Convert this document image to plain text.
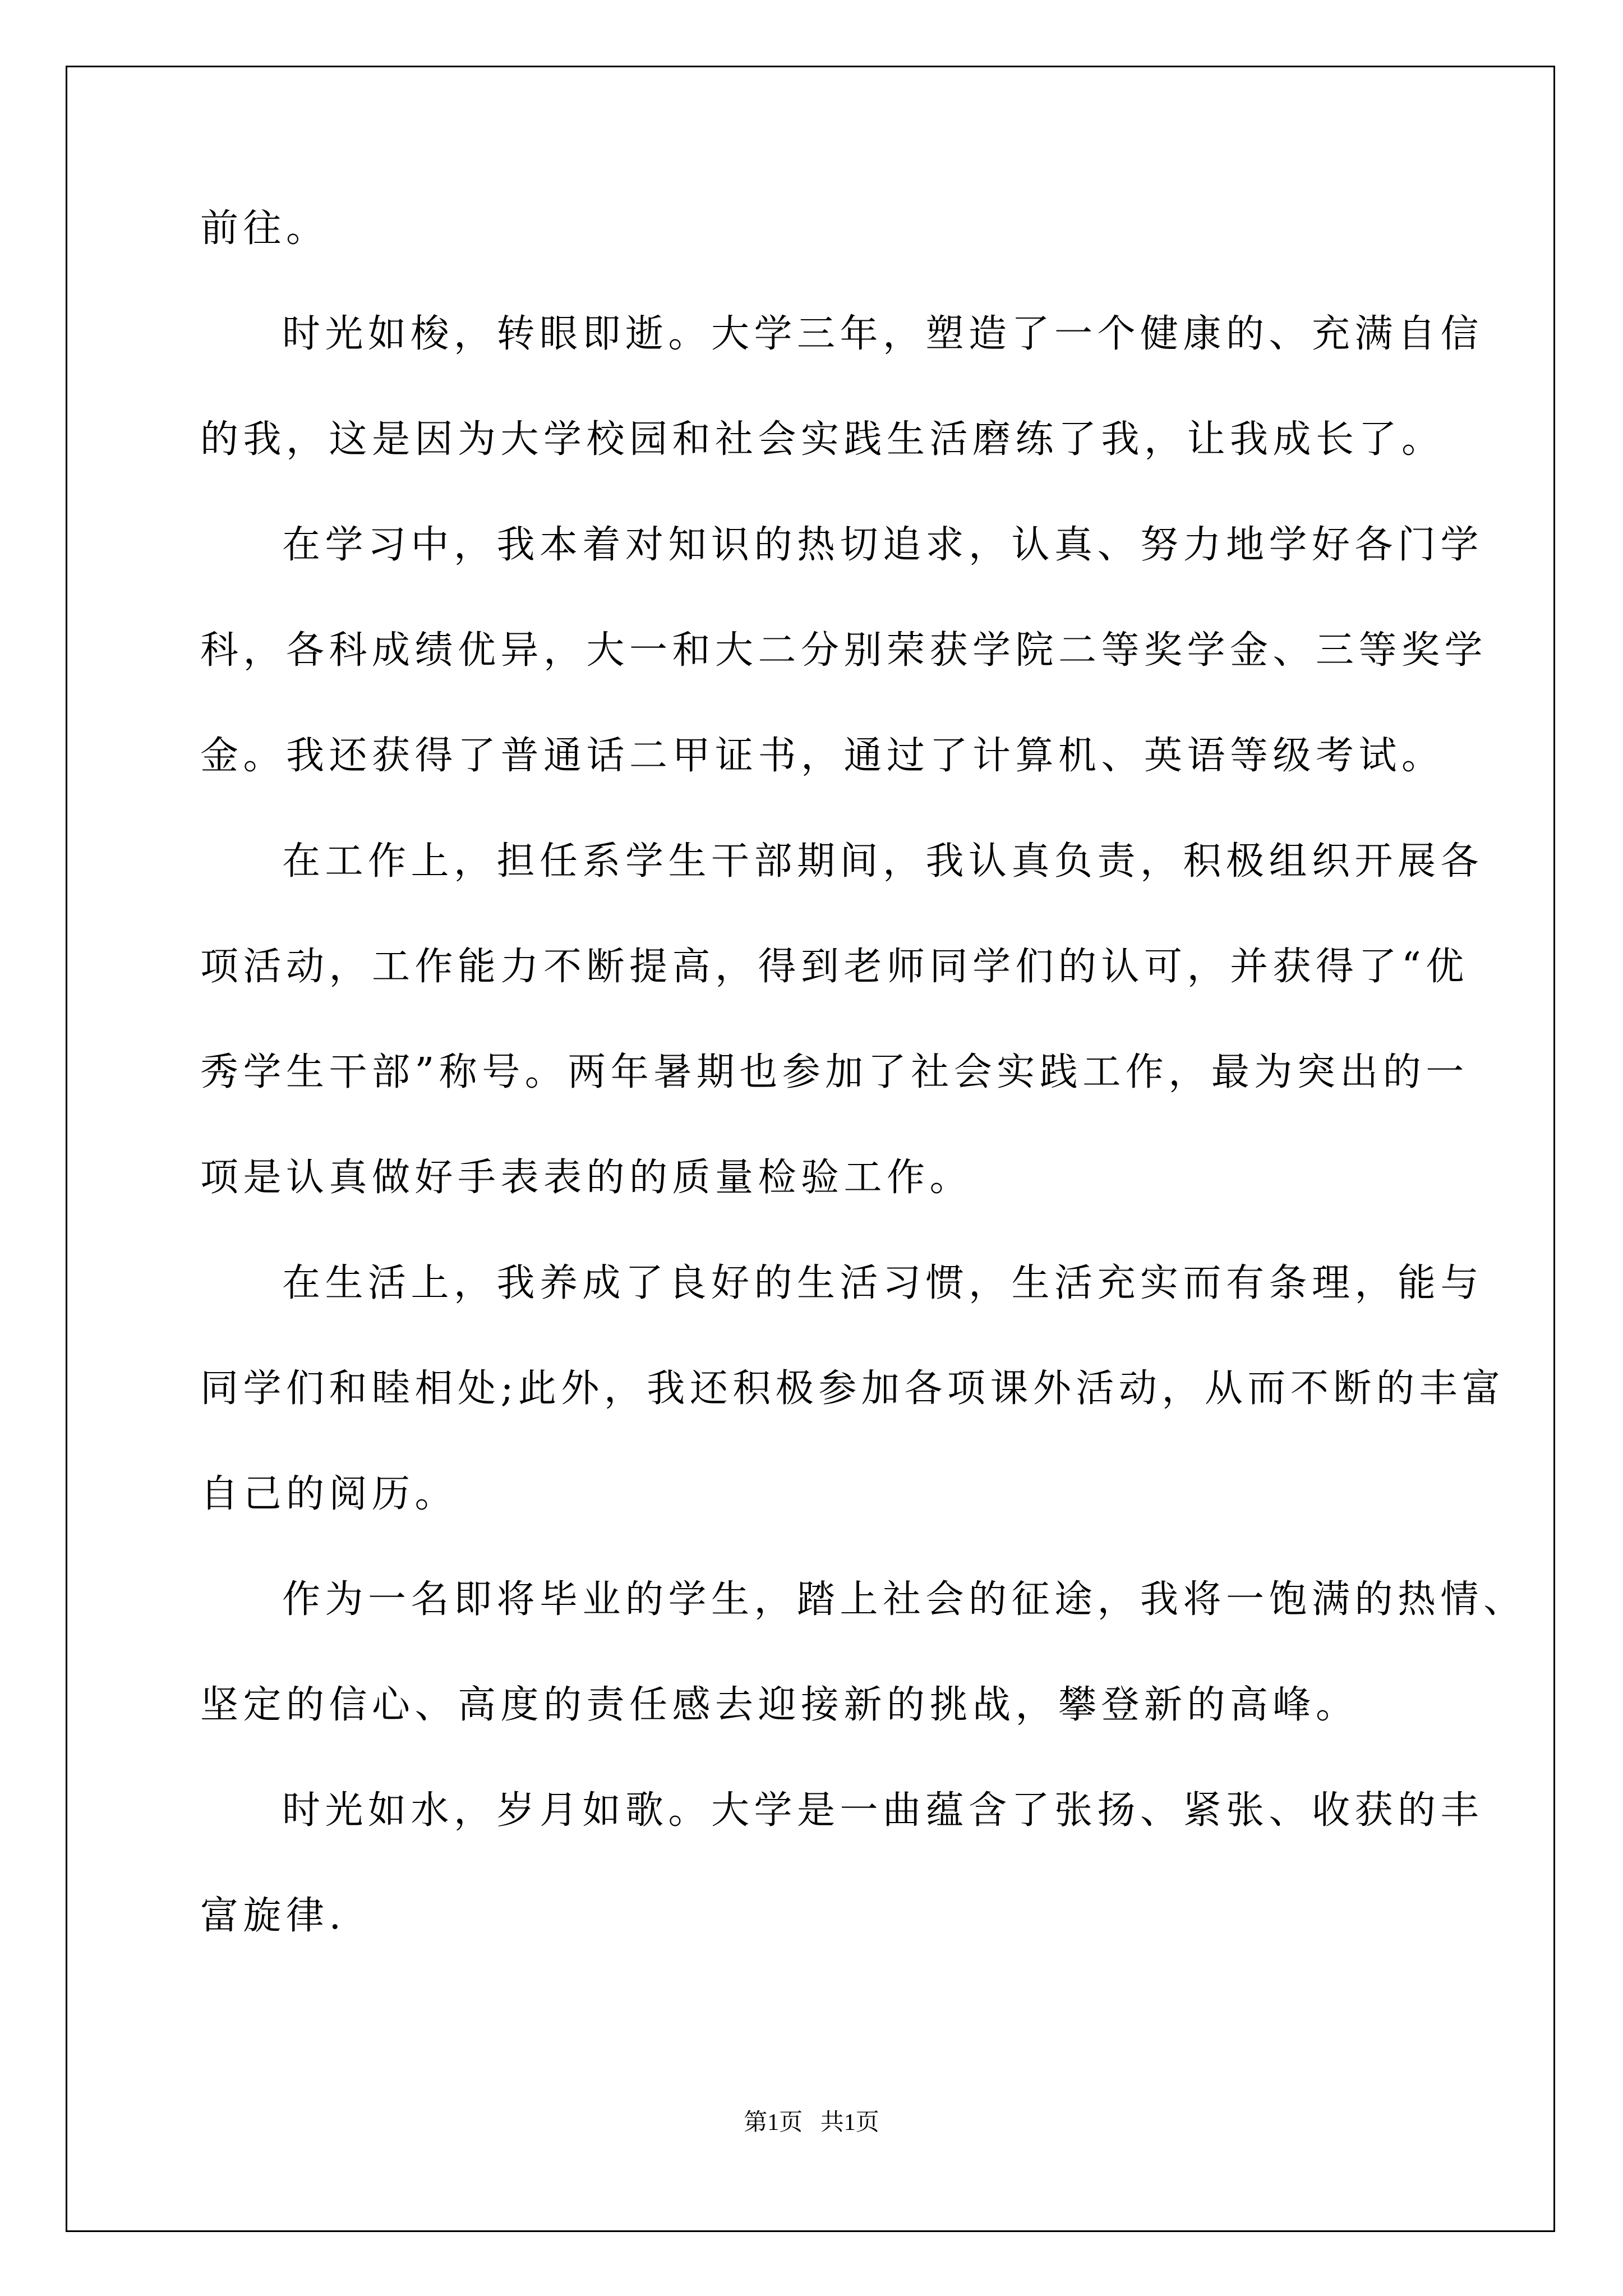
前往。
时光如梭，转眼即逝。大学三年，塑造了一个健康的、充满自信
的我，这是因为大学校园和社会实践生活磨练了我，让我成长了。
在学习中，我本着对知识的热切追求，认真、努力地学好各门学
科，各科成绩优异，大一和大二分别荣获学院二等奖学金、三等奖学
金。我还获得了普通话二甲证书，通过了计算机、英语等级考试。
在工作上，担任系学生干部期间，我认真负责，积极组织开展各
项活动，工作能力不断提高，得到老师同学们的认可，并获得了“优
秀学生干部”称号。两年暑期也参加了社会实践工作，最为突出的一
项是认真做好手表表的的质量检验工作。
在生活上，我养成了良好的生活习惯，生活充实而有条理，能与
同学们和睦相处;此外，我还积极参加各项课外活动，从而不断的丰富
自己的阅历。
作为一名即将毕业的学生，踏上社会的征途，我将一饱满的热情、
坚定的信心、高度的责任感去迎接新的挑战，攀登新的高峰。
时光如水，岁月如歌。大学是一曲蕴含了张扬、紧张、收获的丰
富旋律.
第1页   共1页
